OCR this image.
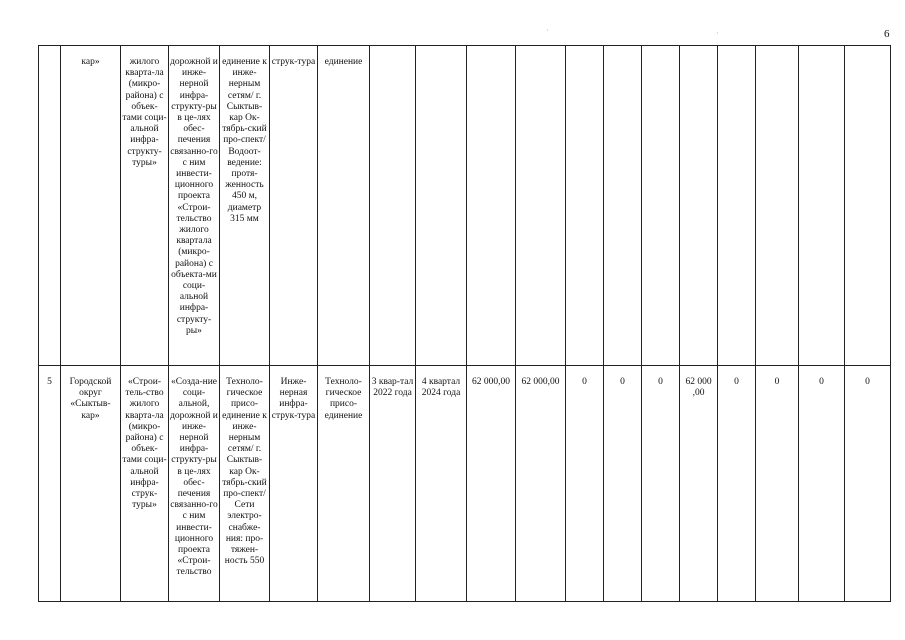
6
·	·
	кар»	жилого кварта-ла (микро-района) с объек-тами соци-альной инфра-структу-туры»	дорожной и инже-нерной инфра-структу-ры в це-лях обес-печения связанно-го с ним инвести-ционного проекта «Строи-тельство жилого квартала (микро-района) с объекта-ми соци-альной инфра-структу-ры»	единение к инже-нерным сетям/ г. Сыктыв-кар Ок-тябрь-ский про-спект/ Водоот-ведение: протя-женность 450 м, диаметр 315 мм	струк-тура	единение												
5	Городской округ «Сыктыв-кар»	«Строи-тель-ство жилого кварта-ла (микро-района) с объек-тами соци-альной инфра-струк-туры»	«Созда-ние соци-альной, дорожной и инже-нерной инфра-структу-ры в це-лях обес-печения связанно-го с ним инвести-ционного проекта «Строи-тельство	Техноло-гическое присо-единение к инже-нерным сетям/ г. Сыктыв-кар Ок-тябрь-ский про-спект/ Сети электро-снабже-ния: про-тяжен-ность 550	Инже-нерная инфра-струк-тура	Техноло-гическое присо-единение	3 квар-тал 2022 года	4 квартал 2024 года	62 000,00	62 000,00	0	0	0	62 000 ,00	0	0	0	0
